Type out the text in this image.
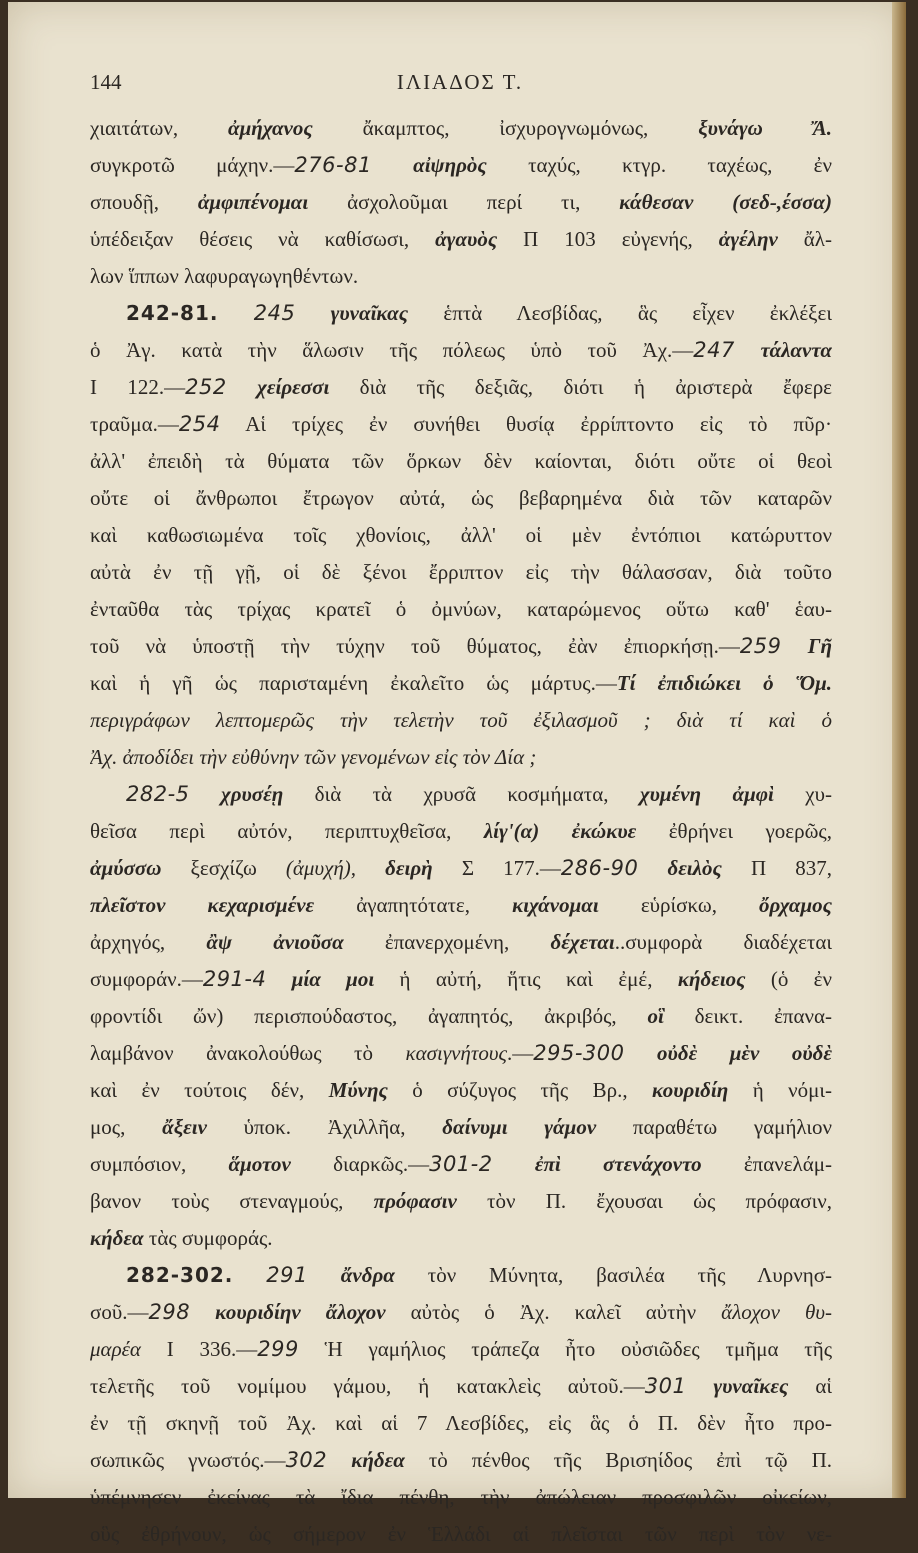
144	ΙΛΙΑΔΟΣ Τ.
χιαιτάτων, ἀμήχανος ἄκαμπτος, ἰσχυρογνωμόνως, ξυνάγω Ἄ.
συγκροτῶ μάχην.—276-81 αἰψηρὸς ταχύς, κτγρ. ταχέως, ἐν
σπουδῇ, ἀμφιπένομαι ἀσχολοῦμαι περί τι, κάθεσαν (σεδ-,έσσα)
ὑπέδειξαν θέσεις νὰ καθίσωσι, ἀγαυὸς Π 103 εὐγενής, ἀγέλην ἄλ-
λων ἵππων λαφυραγωγηθέντων.
242-81. 245 γυναῖκας ἑπτὰ Λεσβίδας, ἃς εἶχεν ἐκλέξει
ὁ Ἀγ. κατὰ τὴν ἅλωσιν τῆς πόλεως ὑπὸ τοῦ Ἀχ.—247 τάλαντα
Ι 122.—252 χείρεσσι διὰ τῆς δεξιᾶς, διότι ἡ ἀριστερὰ ἔφερε
τραῦμα.—254 Αἱ τρίχες ἐν συνήθει θυσίᾳ ἐρρίπτοντο εἰς τὸ πῦρ·
ἀλλ' ἐπειδὴ τὰ θύματα τῶν ὅρκων δὲν καίονται, διότι οὔτε οἱ θεοὶ
οὔτε οἱ ἄνθρωποι ἔτρωγον αὐτά, ὡς βεβαρημένα διὰ τῶν καταρῶν
καὶ καθωσιωμένα τοῖς χθονίοις, ἀλλ' οἱ μὲν ἐντόπιοι κατώρυττον
αὐτὰ ἐν τῇ γῇ, οἱ δὲ ξένοι ἔρριπτον εἰς τὴν θάλασσαν, διὰ τοῦτο
ἐνταῦθα τὰς τρίχας κρατεῖ ὁ ὀμνύων, καταρώμενος οὕτω καθ' ἑαυ-
τοῦ νὰ ὑποστῇ τὴν τύχην τοῦ θύματος, ἐὰν ἐπιορκήσῃ.—259 Γῆ
καὶ ἡ γῆ ὡς παρισταμένη ἐκαλεῖτο ὡς μάρτυς.—Τί ἐπιδιώκει ὁ Ὅμ.
περιγράφων λεπτομερῶς τὴν τελετὴν τοῦ ἐξιλασμοῦ ; διὰ τί καὶ ὁ
Ἀχ. ἀποδίδει τὴν εὐθύνην τῶν γενομένων εἰς τὸν Δία ;
282-5 χρυσέῃ διὰ τὰ χρυσᾶ κοσμήματα, χυμένη ἀμφὶ χυ-
θεῖσα περὶ αὐτόν, περιπτυχθεῖσα, λίγ'(α) ἐκώκυε ἐθρήνει γοερῶς,
ἀμύσσω ξεσχίζω (ἀμυχή), δειρὴ Σ 177.—286-90 δειλὸς Π 837,
πλεῖστον κεχαρισμένε ἀγαπητότατε, κιχάνομαι εὑρίσκω, ὄρχαμος
ἀρχηγός, ἂψ ἀνιοῦσα ἐπανερχομένη, δέχεται..συμφορὰ διαδέχεται
συμφοράν.—291-4 μία μοι ἡ αὐτή, ἥτις καὶ ἐμέ, κήδειος (ὁ ἐν
φροντίδι ὤν) περισπούδαστος, ἀγαπητός, ἀκριβός, οἳ δεικτ. ἐπανα-
λαμβάνον ἀνακολούθως τὸ κασιγνήτους.—295-300 οὐδὲ μὲν οὐδὲ
καὶ ἐν τούτοις δέν, Μύνης ὁ σύζυγος τῆς Βρ., κουριδίη ἡ νόμι-
μος, ἄξειν ὑποκ. Ἀχιλλῆα, δαίνυμι γάμον παραθέτω γαμήλιον
συμπόσιον, ἅμοτον διαρκῶς.—301-2 ἐπὶ στενάχοντο ἐπανελάμ-
βανον τοὺς στεναγμούς, πρόφασιν τὸν Π. ἔχουσαι ὡς πρόφασιν,
κήδεα τὰς συμφοράς.
282-302. 291 ἄνδρα τὸν Μύνητα, βασιλέα τῆς Λυρνησ-
σοῦ.—298 κουριδίην ἄλοχον αὐτὸς ὁ Ἀχ. καλεῖ αὐτὴν ἄλοχον θυ-
μαρέα Ι 336.—299 Ἡ γαμήλιος τράπεζα ἦτο οὐσιῶδες τμῆμα τῆς
τελετῆς τοῦ νομίμου γάμου, ἡ κατακλεὶς αὐτοῦ.—301 γυναῖκες αἱ
ἐν τῇ σκηνῇ τοῦ Ἀχ. καὶ αἱ 7 Λεσβίδες, εἰς ἃς ὁ Π. δὲν ἦτο προ-
σωπικῶς γνωστός.—302 κήδεα τὸ πένθος τῆς Βρισηίδος ἐπὶ τῷ Π.
ὑπέμνησεν ἐκείνας τὰ ἴδια πένθη, τὴν ἀπώλειαν προσφιλῶν οἰκείων,
οὓς ἐθρήνουν, ὡς σήμερον ἐν Ἑλλάδι αἱ πλεῖσται τῶν περὶ τὸν νε-
